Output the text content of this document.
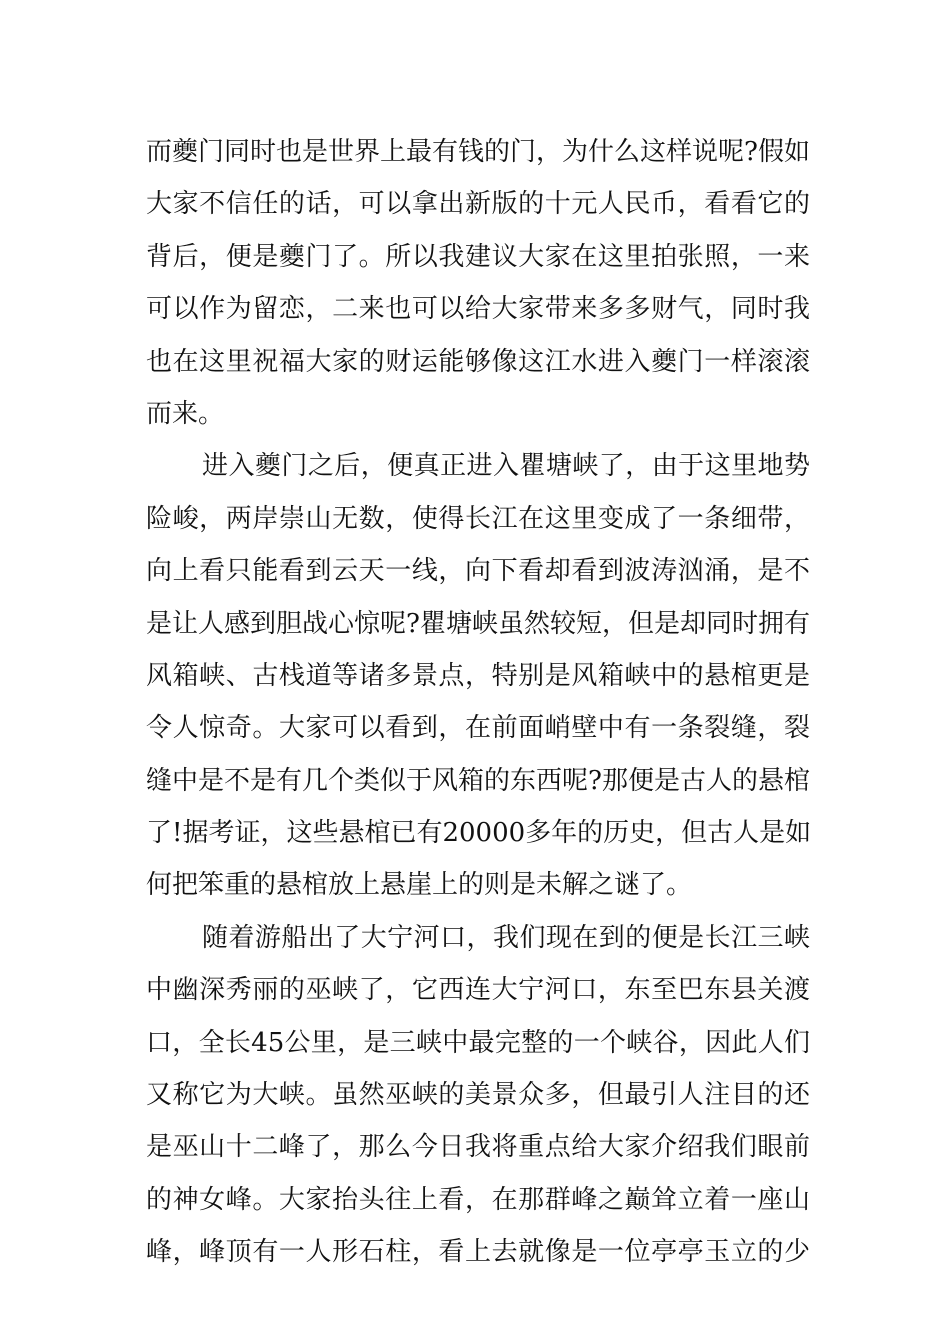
而夔门同时也是世界上最有钱的门，为什么这样说呢?假如
大家不信任的话，可以拿出新版的十元人民币，看看它的
背后，便是夔门了。所以我建议大家在这里拍张照，一来
可以作为留恋，二来也可以给大家带来多多财气，同时我
也在这里祝福大家的财运能够像这江水进入夔门一样滚滚
而来。
进入夔门之后，便真正进入瞿塘峡了，由于这里地势
险峻，两岸崇山无数，使得长江在这里变成了一条细带，
向上看只能看到云天一线，向下看却看到波涛汹涌，是不
是让人感到胆战心惊呢?瞿塘峡虽然较短，但是却同时拥有
风箱峡、古栈道等诸多景点，特别是风箱峡中的悬棺更是
令人惊奇。大家可以看到，在前面峭壁中有一条裂缝，裂
缝中是不是有几个类似于风箱的东西呢?那便是古人的悬棺
了!据考证，这些悬棺已有20000多年的历史，但古人是如
何把笨重的悬棺放上悬崖上的则是未解之谜了。
随着游船出了大宁河口，我们现在到的便是长江三峡
中幽深秀丽的巫峡了，它西连大宁河口，东至巴东县关渡
口，全长45公里，是三峡中最完整的一个峡谷，因此人们
又称它为大峡。虽然巫峡的美景众多，但最引人注目的还
是巫山十二峰了，那么今日我将重点给大家介绍我们眼前
的神女峰。大家抬头往上看，在那群峰之巅耸立着一座山
峰，峰顶有一人形石柱，看上去就像是一位亭亭玉立的少
